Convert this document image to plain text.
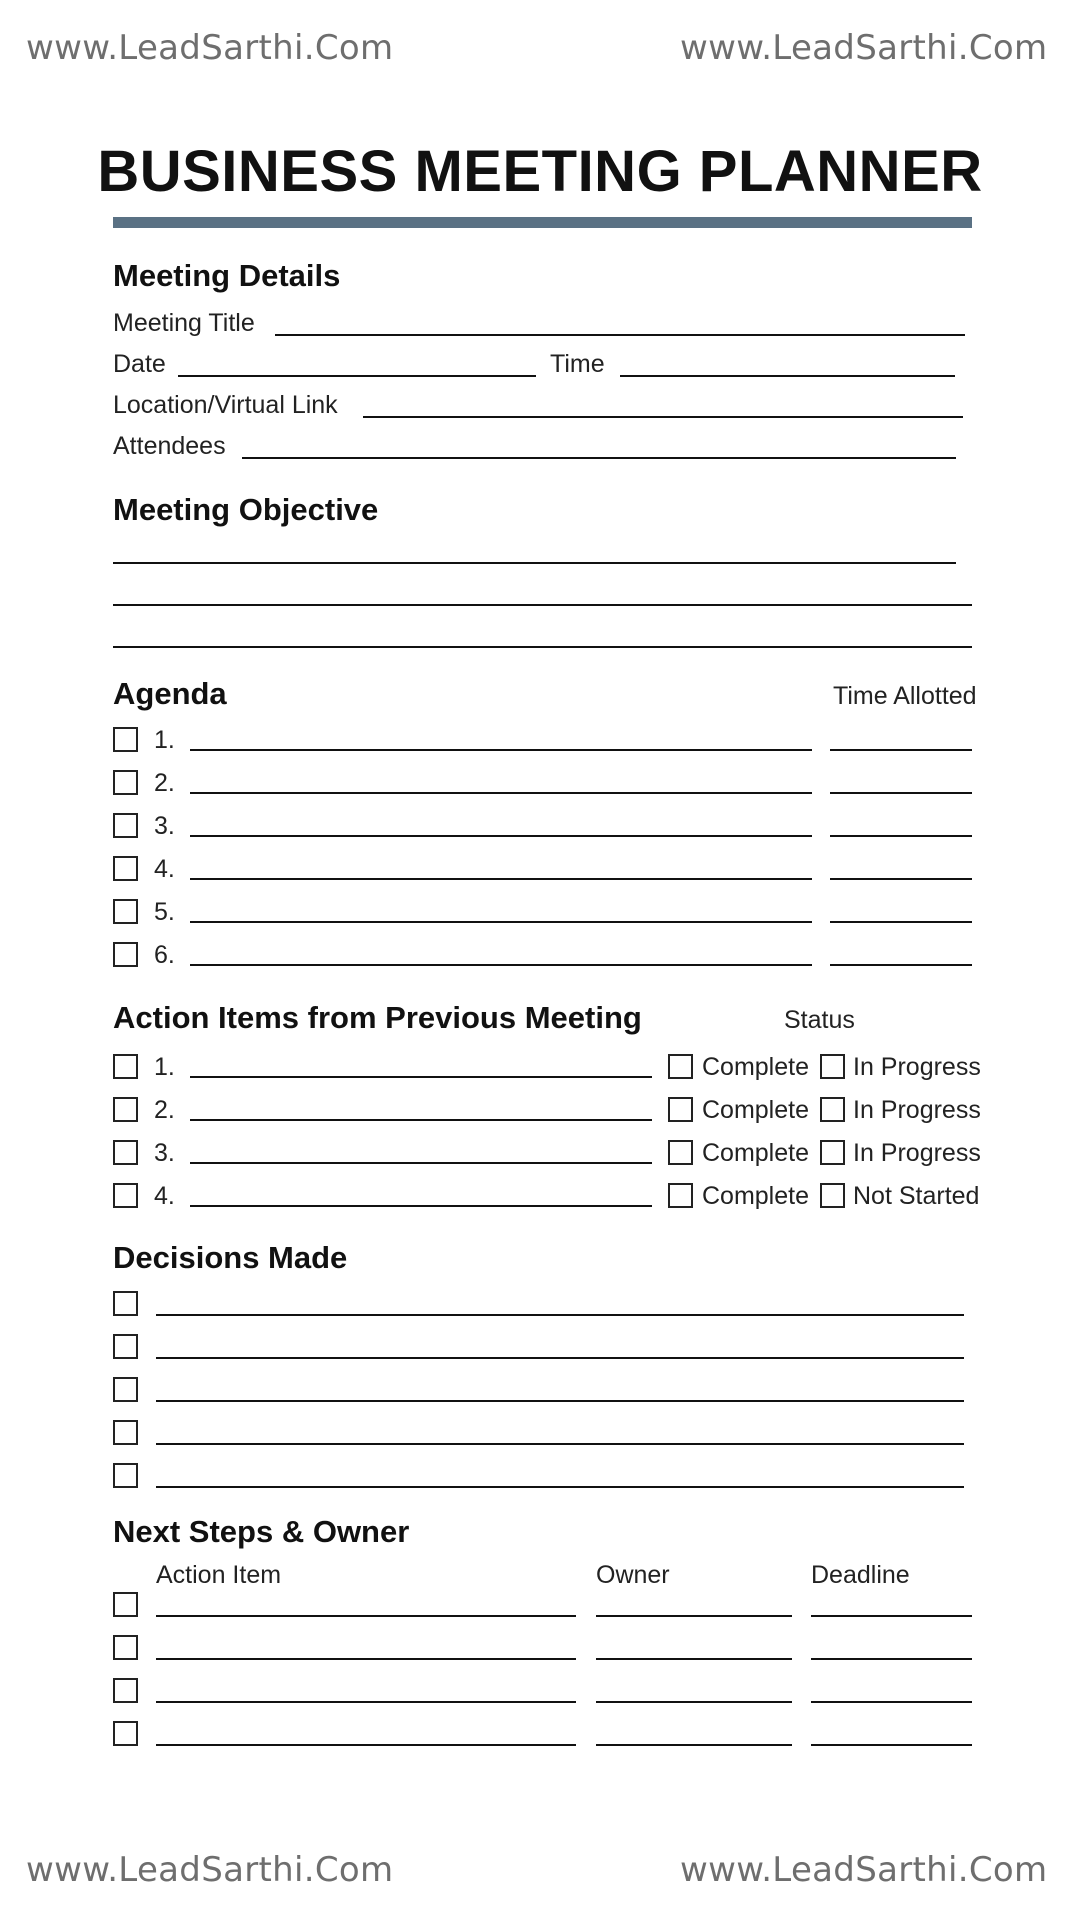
www.LeadSarthi.Com	www.LeadSarthi.Com
www.LeadSarthi.Com	www.LeadSarthi.Com
BUSINESS MEETING PLANNER
Meeting Details
Meeting Title
Date	Time
Location/Virtual Link
Attendees
Meeting Objective
Agenda	Time Allotted
1.
2.
3.
4.
5.
6.
Action Items from Previous Meeting	Status
1.	Complete In Progress
2.	Complete In Progress
3.	Complete In Progress
4.	Complete Not Started
Decisions Made
Next Steps & Owner
Action Item	Owner	Deadline
